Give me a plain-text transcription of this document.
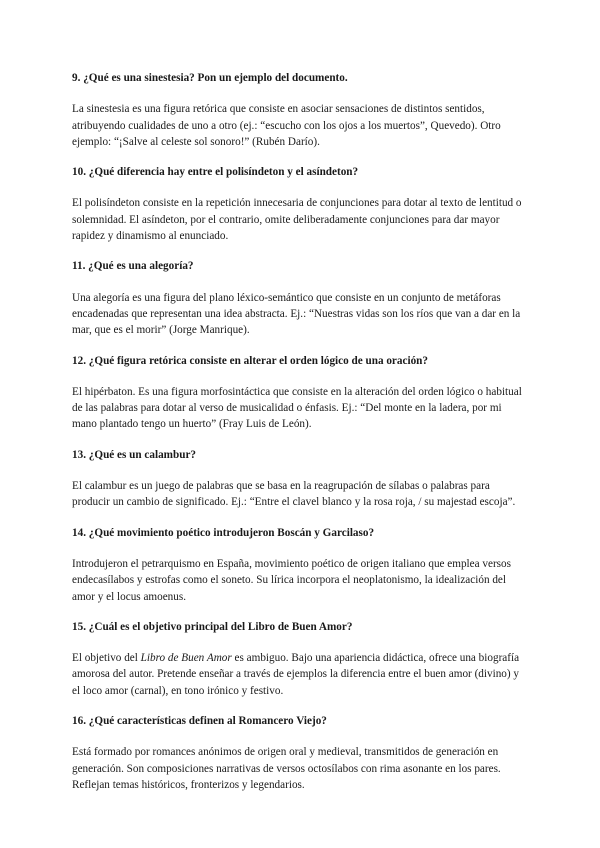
9. ¿Qué es una sinestesia? Pon un ejemplo del documento.

La sinestesia es una figura retórica que consiste en asociar sensaciones de distintos sentidos, atribuyendo cualidades de uno a otro (ej.: “escucho con los ojos a los muertos”, Quevedo). Otro ejemplo: “¡Salve al celeste sol sonoro!” (Rubén Darío).

10. ¿Qué diferencia hay entre el polisíndeton y el asíndeton?

El polisíndeton consiste en la repetición innecesaria de conjunciones para dotar al texto de lentitud o solemnidad. El asíndeton, por el contrario, omite deliberadamente conjunciones para dar mayor rapidez y dinamismo al enunciado.

11. ¿Qué es una alegoría?

Una alegoría es una figura del plano léxico-semántico que consiste en un conjunto de metáforas encadenadas que representan una idea abstracta. Ej.: “Nuestras vidas son los ríos que van a dar en la mar, que es el morir” (Jorge Manrique).

12. ¿Qué figura retórica consiste en alterar el orden lógico de una oración?

El hipérbaton. Es una figura morfosintáctica que consiste en la alteración del orden lógico o habitual de las palabras para dotar al verso de musicalidad o énfasis. Ej.: “Del monte en la ladera, por mi mano plantado tengo un huerto” (Fray Luis de León).

13. ¿Qué es un calambur?

El calambur es un juego de palabras que se basa en la reagrupación de sílabas o palabras para producir un cambio de significado. Ej.: “Entre el clavel blanco y la rosa roja, / su majestad escoja”.

14. ¿Qué movimiento poético introdujeron Boscán y Garcilaso?

Introdujeron el petrarquismo en España, movimiento poético de origen italiano que emplea versos endecasílabos y estrofas como el soneto. Su lírica incorpora el neoplatonismo, la idealización del amor y el locus amoenus.

15. ¿Cuál es el objetivo principal del Libro de Buen Amor?

El objetivo del Libro de Buen Amor es ambiguo. Bajo una apariencia didáctica, ofrece una biografía amorosa del autor. Pretende enseñar a través de ejemplos la diferencia entre el buen amor (divino) y el loco amor (carnal), en tono irónico y festivo.

16. ¿Qué características definen al Romancero Viejo?

Está formado por romances anónimos de origen oral y medieval, transmitidos de generación en generación. Son composiciones narrativas de versos octosílabos con rima asonante en los pares. Reflejan temas históricos, fronterizos y legendarios.
